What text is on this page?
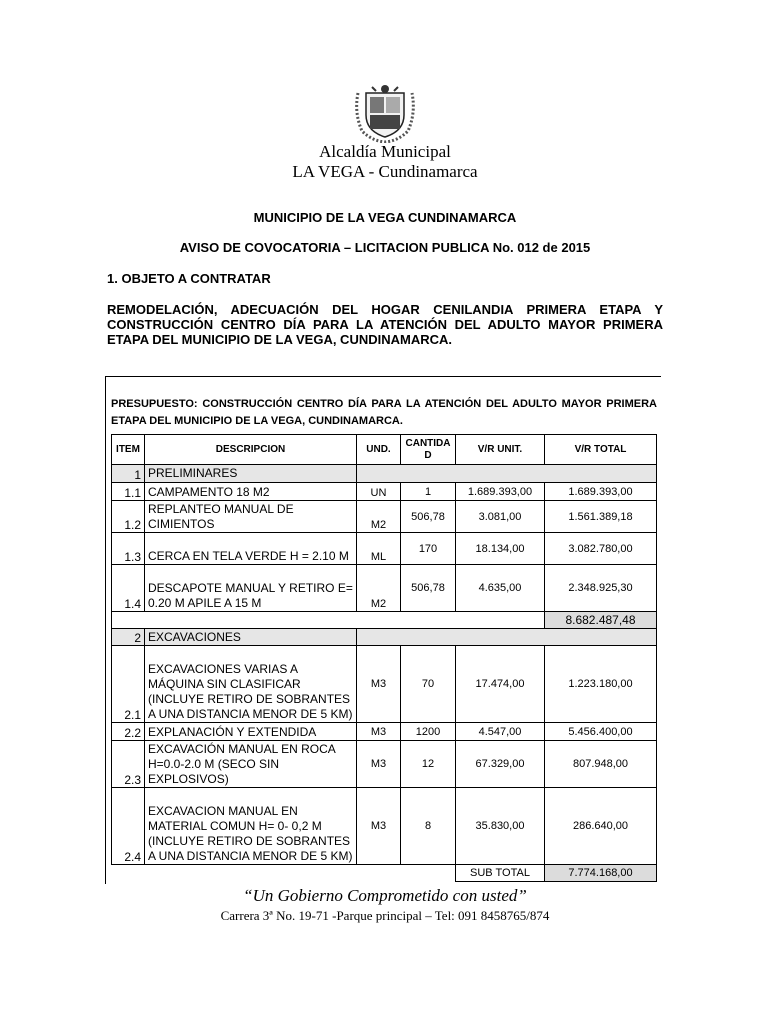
Alcaldía Municipal
LA VEGA - Cundinamarca
MUNICIPIO DE LA VEGA CUNDINAMARCA
AVISO DE COVOCATORIA – LICITACION PUBLICA No. 012 de 2015
1. OBJETO A CONTRATAR
REMODELACIÓN, ADECUACIÓN DEL HOGAR CENILANDIA PRIMERA ETAPA Y CONSTRUCCIÓN CENTRO DÍA PARA LA ATENCIÓN DEL ADULTO MAYOR PRIMERA ETAPA DEL MUNICIPIO DE LA VEGA, CUNDINAMARCA.
PRESUPUESTO: CONSTRUCCIÓN CENTRO DÍA PARA LA ATENCIÓN DEL ADULTO MAYOR PRIMERA ETAPA DEL MUNICIPIO DE LA VEGA, CUNDINAMARCA.
ITEM	DESCRIPCION	UND.	CANTIDAD	V/R UNIT.	V/R TOTAL
1	PRELIMINARES				
1.1	CAMPAMENTO 18 M2	UN	1	1.689.393,00	1.689.393,00
1.2	REPLANTEO MANUAL DE CIMIENTOS	M2	506,78	3.081,00	1.561.389,18
1.3	CERCA EN TELA VERDE H = 2.10 M	ML	170	18.134,00	3.082.780,00
1.4	DESCAPOTE MANUAL Y RETIRO E= 0.20 M APILE A 15 M	M2	506,78	4.635,00	2.348.925,30
					8.682.487,48
2	EXCAVACIONES				
2.1	EXCAVACIONES VARIAS A MÁQUINA SIN CLASIFICAR (INCLUYE RETIRO DE SOBRANTES A UNA DISTANCIA MENOR DE 5 KM)	M3	70	17.474,00	1.223.180,00
2.2	EXPLANACIÓN Y EXTENDIDA	M3	1200	4.547,00	5.456.400,00
2.3	EXCAVACIÓN MANUAL EN ROCA H=0.0-2.0 M (SECO SIN EXPLOSIVOS)	M3	12	67.329,00	807.948,00
2.4	EXCAVACION MANUAL EN MATERIAL COMUN H= 0- 0,2 M (INCLUYE RETIRO DE SOBRANTES A UNA DISTANCIA MENOR DE 5 KM)	M3	8	35.830,00	286.640,00
				SUB TOTAL	7.774.168,00
“Un Gobierno Comprometido con usted”
Carrera 3ª No. 19-71 -Parque principal – Tel: 091 8458765/874
